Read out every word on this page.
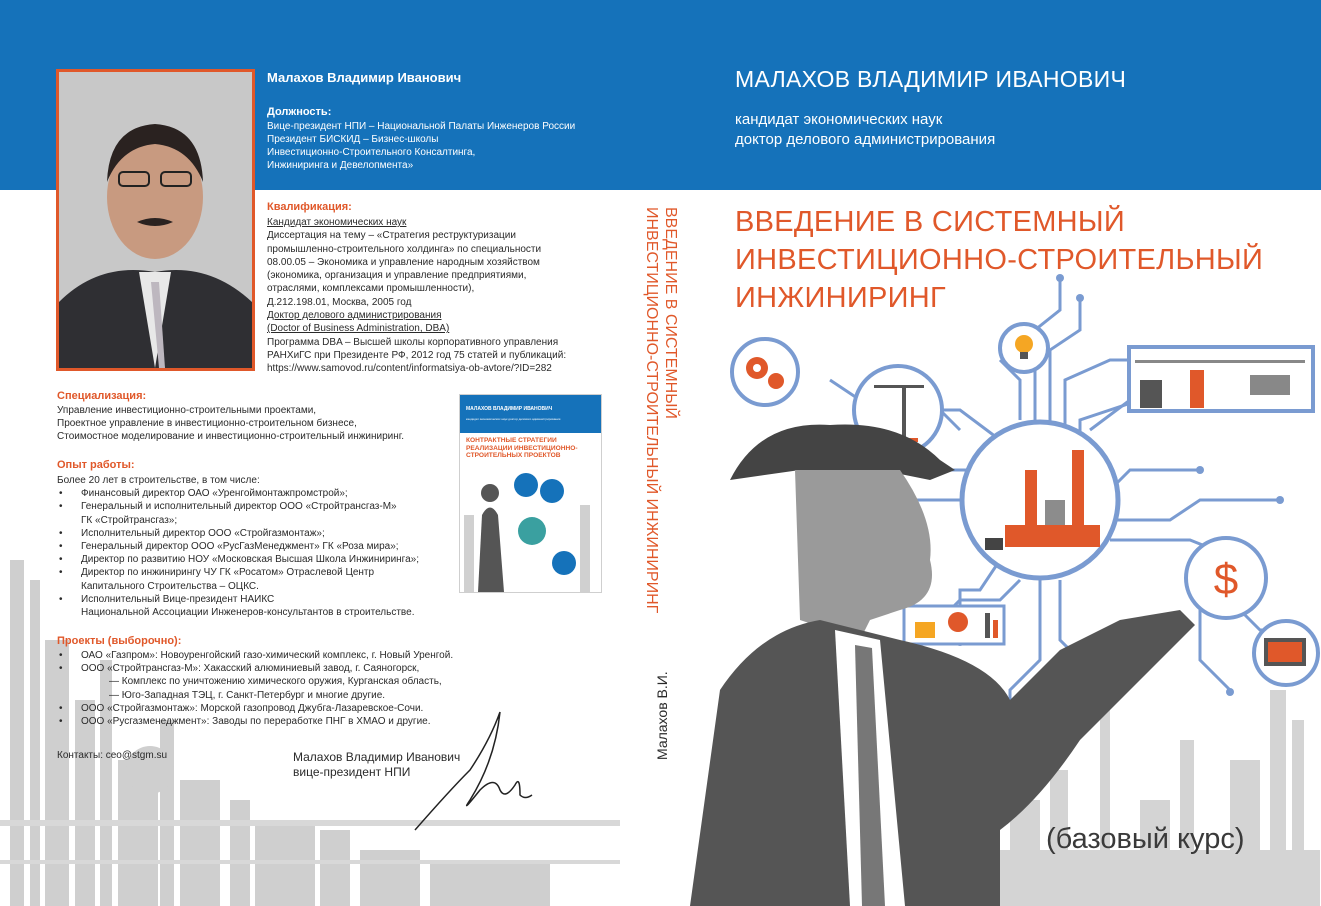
$
Малахов Владимир Иванович
Должность:
Вице-президент НПИ – Национальной Палаты Инженеров России
Президент БИСКИД – Бизнес-школы
Инвестиционно-Строительного Консалтинга,
Инжиниринга и Девелопмента»
Квалификация:
Кандидат экономических наук
Диссертация на тему – «Стратегия реструктуризации
промышленно-строительного холдинга» по специальности
08.00.05 – Экономика и управление народным хозяйством
(экономика, организация и управление предприятиями,
отраслями, комплексами промышленности),
Д.212.198.01, Москва, 2005 год
Доктор делового администрирования
(Doctor of Business Administration, DBA)
Программа DBA – Высшей школы корпоративного управления
РАНХиГС при Президенте РФ, 2012 год 75 статей и публикаций:
https://www.samovod.ru/content/informatsiya-ob-avtore/?ID=282
Специализация:
Управление инвестиционно-строительными проектами,
Проектное управление в инвестиционно-строительном бизнесе,
Стоимостное моделирование и инвестиционно-строительный инжиниринг.
Опыт работы:
Более 20 лет в строительстве, в том числе:
• Финансовый директор ОАО «Уренгоймонтажпромстрой»;
• Генеральный и исполнительный директор ООО «Стройтрансгаз-М»
ГК «Стройтрансгаз»;
• Исполнительный директор ООО «Стройгазмонтаж»;
• Генеральный директор ООО «РусГазМенеджмент» ГК «Роза мира»;
• Директор по развитию НОУ «Московская Высшая Школа Инжиниринга»;
• Директор по инжинирингу ЧУ ГК «Росатом» Отраслевой Центр
Капитального Строительства – ОЦКС.
• Исполнительный Вице-президент НАИКС
Национальной Ассоциации Инженеров-консультантов в строительстве.
Проекты (выборочно):
• ОАО «Газпром»: Новоуренгойский газо-химический комплекс, г. Новый Уренгой.
• ООО «Стройтрансгаз-М»: Хакасский алюминиевый завод, г. Саяногорск,
— Комплекс по уничтожению химического оружия, Курганская область,
— Юго-Западная ТЭЦ, г. Санкт-Петербург и многие другие.
• ООО «Стройгазмонтаж»: Морской газопровод Джубга-Лазаревское-Сочи.
• ООО «Русгазменеджмент»: Заводы по переработке ПНГ в ХМАО и другие.
Контакты: ceo@stgm.su	Малахов Владимир Иванович
вице-президент НПИ
МАЛАХОВ ВЛАДИМИР ИВАНОВИЧ
кандидат экономических наук доктор делового администрирования
КОНТРАКТНЫЕ СТРАТЕГИИ РЕАЛИЗАЦИИ ИНВЕСТИЦИОННО-СТРОИТЕЛЬНЫХ ПРОЕКТОВ
ВВЕДЕНИЕ В СИСТЕМНЫЙ
ИНВЕСТИЦИОННО-СТРОИТЕЛЬНЫЙ ИНЖИНИРИНГ
Малахов В.И.
МАЛАХОВ ВЛАДИМИР ИВАНОВИЧ
кандидат экономических наук
доктор делового администрирования
ВВЕДЕНИЕ В СИСТЕМНЫЙ
ИНВЕСТИЦИОННО-СТРОИТЕЛЬНЫЙ
ИНЖИНИРИНГ
(базовый курс)
